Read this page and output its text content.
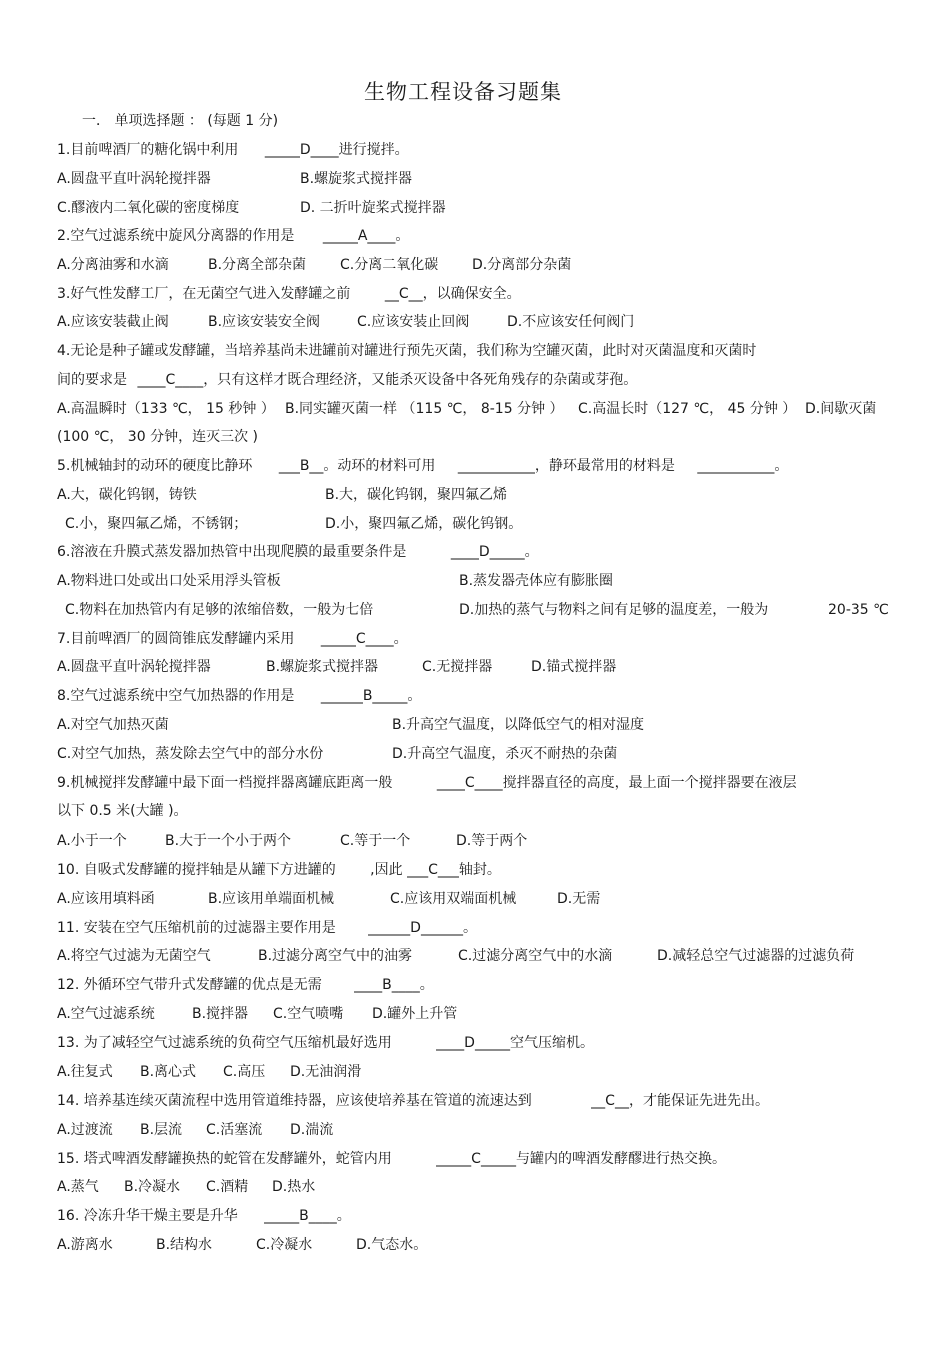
生物工程设备习题集
一． 单项选择题 ： (每题 1 分)
1.目前啤酒厂的糖化锅中利用 _____D____进行搅拌。
A.圆盘平直叶涡轮搅拌器	B.螺旋浆式搅拌器
C.醪液内二氧化碳的密度梯度	D. 二折叶旋桨式搅拌器
2.空气过滤系统中旋风分离器的作用是 _____A____。
A.分离油雾和水滴	B.分离全部杂菌 C.分离二氧化碳 D.分离部分杂菌
3.好气性发酵工厂，在无菌空气进入发酵罐之前 __C__，以确保安全。
A.应该安装截止阀	B.应该安装安全阀	C.应该安装止回阀	D.不应该安任何阀门
4.无论是种子罐或发酵罐，当培养基尚未进罐前对罐进行预先灭菌，我们称为空罐灭菌，此时对灭菌温度和灭菌时
间的要求是 ____C____，只有这样才既合理经济，又能杀灭设备中各死角残存的杂菌或芽孢。
A.高温瞬时（133 ℃， 15 秒钟 ） B.同实罐灭菌一样 （115 ℃， 8-15 分钟 ） C.高温长时（127 ℃， 45 分钟 ） D.间歇灭菌
(100 ℃， 30 分钟，连灭三次 )
5.机械轴封的动环的硬度比静环 ___B__。动环的材料可用 ___________，静环最常用的材料是 ___________。
A.大，碳化钨钢，铸铁	B.大，碳化钨钢，聚四氟乙烯
C.小，聚四氟乙烯，不锈钢；	D.小，聚四氟乙烯，碳化钨钢。
6.溶液在升膜式蒸发器加热管中出现爬膜的最重要条件是	____D_____。
A.物料进口处或出口处采用浮头管板	B.蒸发器壳体应有膨胀圈
C.物料在加热管内有足够的浓缩倍数，一般为七倍	D.加热的蒸气与物料之间有足够的温度差，一般为	20-35 ℃
7.目前啤酒厂的圆筒锥底发酵罐内采用 _____C____。
A.圆盘平直叶涡轮搅拌器	B.螺旋浆式搅拌器	C.无搅拌器	D.锚式搅拌器
8.空气过滤系统中空气加热器的作用是 ______B_____。
A.对空气加热灭菌	B.升高空气温度，以降低空气的相对湿度
C.对空气加热，蒸发除去空气中的部分水份	D.升高空气温度，杀灭不耐热的杂菌
9.机械搅拌发酵罐中最下面一档搅拌器离罐底距离一般	____C____搅拌器直径的高度，最上面一个搅拌器要在液层
以下 0.5 米(大罐 )。
A.小于一个	B.大于一个小于两个	C.等于一个	D.等于两个
10. 自吸式发酵罐的搅拌轴是从罐下方进罐的 ,因此 ___C___轴封。
A.应该用填料函	B.应该用单端面机械	C.应该用双端面机械	D.无需
11. 安装在空气压缩机前的过滤器主要作用是 ______D______。
A.将空气过滤为无菌空气	B.过滤分离空气中的油雾	C.过滤分离空气中的水滴	D.减轻总空气过滤器的过滤负荷
12. 外循环空气带升式发酵罐的优点是无需 ____B____。
A.空气过滤系统	B.搅拌器 C.空气喷嘴 D.罐外上升管
13. 为了减轻空气过滤系统的负荷空气压缩机最好选用	____D_____空气压缩机。
A.往复式 B.离心式 C.高压 D.无油润滑
14. 培养基连续灭菌流程中选用管道维持器，应该使培养基在管道的流速达到	__C__，才能保证先进先出。
A.过渡流 B.层流 C.活塞流 D.湍流
15. 塔式啤酒发酵罐换热的蛇管在发酵罐外，蛇管内用	_____C_____与罐内的啤酒发酵醪进行热交换。
A.蒸气 B.冷凝水 C.酒精 D.热水
16. 冷冻升华干燥主要是升华 _____B____。
A.游离水	B.结构水	C.冷凝水	D.气态水。
